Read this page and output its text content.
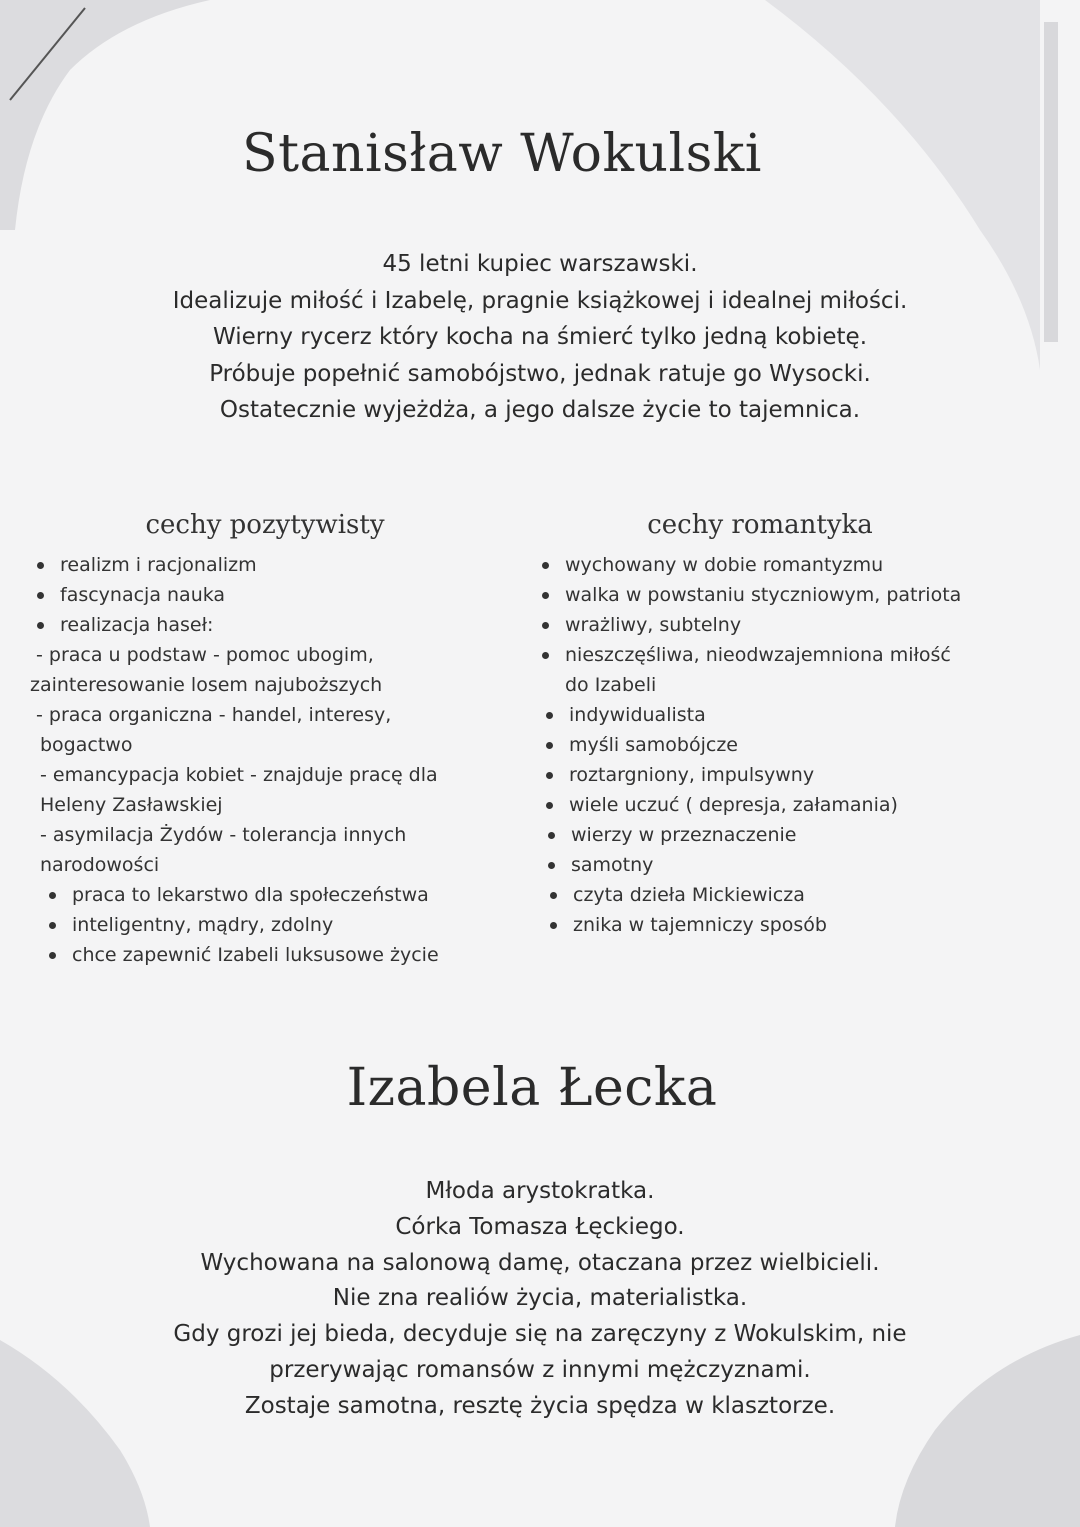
Stanisław Wokulski
45 letni kupiec warszawski.
Idealizuje miłość i Izabelę, pragnie książkowej i idealnej miłości.
Wierny rycerz który kocha na śmierć tylko jedną kobietę.
Próbuje popełnić samobójstwo, jednak ratuje go Wysocki.
Ostatecznie wyjeżdża, a jego dalsze życie to tajemnica.
cechy pozytywisty	cechy romantyka
realizm i racjonalizm
fascynacja nauka
realizacja haseł:
- praca u podstaw - pomoc ubogim,
zainteresowanie losem najuboższych
- praca organiczna - handel, interesy,
bogactwo
- emancypacja kobiet - znajduje pracę dla
Heleny Zasławskiej
- asymilacja Żydów - tolerancja innych
narodowości
praca to lekarstwo dla społeczeństwa
inteligentny, mądry, zdolny
chce zapewnić Izabeli luksusowe życie
wychowany w dobie romantyzmu
walka w powstaniu styczniowym, patriota
wrażliwy, subtelny
nieszczęśliwa, nieodwzajemniona miłość
do Izabeli
indywidualista
myśli samobójcze
roztargniony, impulsywny
wiele uczuć ( depresja, załamania)
wierzy w przeznaczenie
samotny
czyta dzieła Mickiewicza
znika w tajemniczy sposób
Izabela Łecka
Młoda arystokratka.
Córka Tomasza Łęckiego.
Wychowana na salonową damę, otaczana przez wielbicieli.
Nie zna realiów życia, materialistka.
Gdy grozi jej bieda, decyduje się na zaręczyny z Wokulskim, nie
przerywając romansów z innymi mężczyznami.
Zostaje samotna, resztę życia spędza w klasztorze.
